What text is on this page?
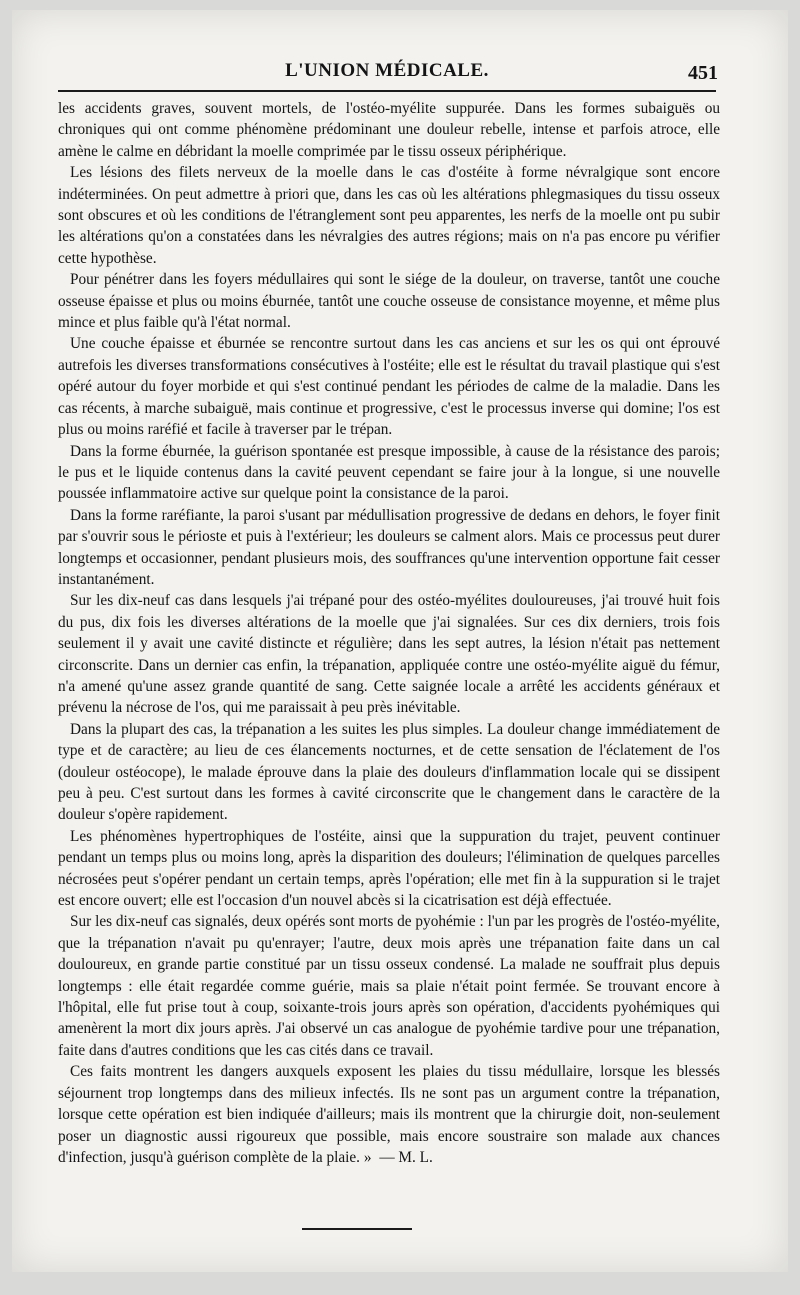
L'UNION MÉDICALE.	451

les accidents graves, souvent mortels, de l'ostéo-myélite suppurée. Dans les formes subaiguës ou chroniques qui ont comme phénomène prédominant une douleur rebelle, intense et parfois atroce, elle amène le calme en débridant la moelle comprimée par le tissu osseux périphérique.

Les lésions des filets nerveux de la moelle dans le cas d'ostéite à forme névralgique sont encore indéterminées. On peut admettre à priori que, dans les cas où les altérations phlegmasiques du tissu osseux sont obscures et où les conditions de l'étranglement sont peu apparentes, les nerfs de la moelle ont pu subir les altérations qu'on a constatées dans les névralgies des autres régions; mais on n'a pas encore pu vérifier cette hypothèse.

Pour pénétrer dans les foyers médullaires qui sont le siége de la douleur, on traverse, tantôt une couche osseuse épaisse et plus ou moins éburnée, tantôt une couche osseuse de consistance moyenne, et même plus mince et plus faible qu'à l'état normal.

Une couche épaisse et éburnée se rencontre surtout dans les cas anciens et sur les os qui ont éprouvé autrefois les diverses transformations consécutives à l'ostéite; elle est le résultat du travail plastique qui s'est opéré autour du foyer morbide et qui s'est continué pendant les périodes de calme de la maladie. Dans les cas récents, à marche subaiguë, mais continue et progressive, c'est le processus inverse qui domine; l'os est plus ou moins raréfié et facile à traverser par le trépan.

Dans la forme éburnée, la guérison spontanée est presque impossible, à cause de la résistance des parois; le pus et le liquide contenus dans la cavité peuvent cependant se faire jour à la longue, si une nouvelle poussée inflammatoire active sur quelque point la consistance de la paroi.

Dans la forme raréfiante, la paroi s'usant par médullisation progressive de dedans en dehors, le foyer finit par s'ouvrir sous le périoste et puis à l'extérieur; les douleurs se calment alors. Mais ce processus peut durer longtemps et occasionner, pendant plusieurs mois, des souffrances qu'une intervention opportune fait cesser instantanément.

Sur les dix-neuf cas dans lesquels j'ai trépané pour des ostéo-myélites douloureuses, j'ai trouvé huit fois du pus, dix fois les diverses altérations de la moelle que j'ai signalées. Sur ces dix derniers, trois fois seulement il y avait une cavité distincte et régulière; dans les sept autres, la lésion n'était pas nettement circonscrite. Dans un dernier cas enfin, la trépanation, appliquée contre une ostéo-myélite aiguë du fémur, n'a amené qu'une assez grande quantité de sang. Cette saignée locale a arrêté les accidents généraux et prévenu la nécrose de l'os, qui me paraissait à peu près inévitable.

Dans la plupart des cas, la trépanation a les suites les plus simples. La douleur change immédiatement de type et de caractère; au lieu de ces élancements nocturnes, et de cette sensation de l'éclatement de l'os (douleur ostéocope), le malade éprouve dans la plaie des douleurs d'inflammation locale qui se dissipent peu à peu. C'est surtout dans les formes à cavité circonscrite que le changement dans le caractère de la douleur s'opère rapidement.

Les phénomènes hypertrophiques de l'ostéite, ainsi que la suppuration du trajet, peuvent continuer pendant un temps plus ou moins long, après la disparition des douleurs; l'élimination de quelques parcelles nécrosées peut s'opérer pendant un certain temps, après l'opération; elle met fin à la suppuration si le trajet est encore ouvert; elle est l'occasion d'un nouvel abcès si la cicatrisation est déjà effectuée.

Sur les dix-neuf cas signalés, deux opérés sont morts de pyohémie : l'un par les progrès de l'ostéo-myélite, que la trépanation n'avait pu qu'enrayer; l'autre, deux mois après une trépanation faite dans un cal douloureux, en grande partie constitué par un tissu osseux condensé. La malade ne souffrait plus depuis longtemps : elle était regardée comme guérie, mais sa plaie n'était point fermée. Se trouvant encore à l'hôpital, elle fut prise tout à coup, soixante-trois jours après son opération, d'accidents pyohémiques qui amenèrent la mort dix jours après. J'ai observé un cas analogue de pyohémie tardive pour une trépanation, faite dans d'autres conditions que les cas cités dans ce travail.

Ces faits montrent les dangers auxquels exposent les plaies du tissu médullaire, lorsque les blessés séjournent trop longtemps dans des milieux infectés. Ils ne sont pas un argument contre la trépanation, lorsque cette opération est bien indiquée d'ailleurs; mais ils montrent que la chirurgie doit, non-seulement poser un diagnostic aussi rigoureux que possible, mais encore soustraire son malade aux chances d'infection, jusqu'à guérison complète de la plaie. » — M. L.
